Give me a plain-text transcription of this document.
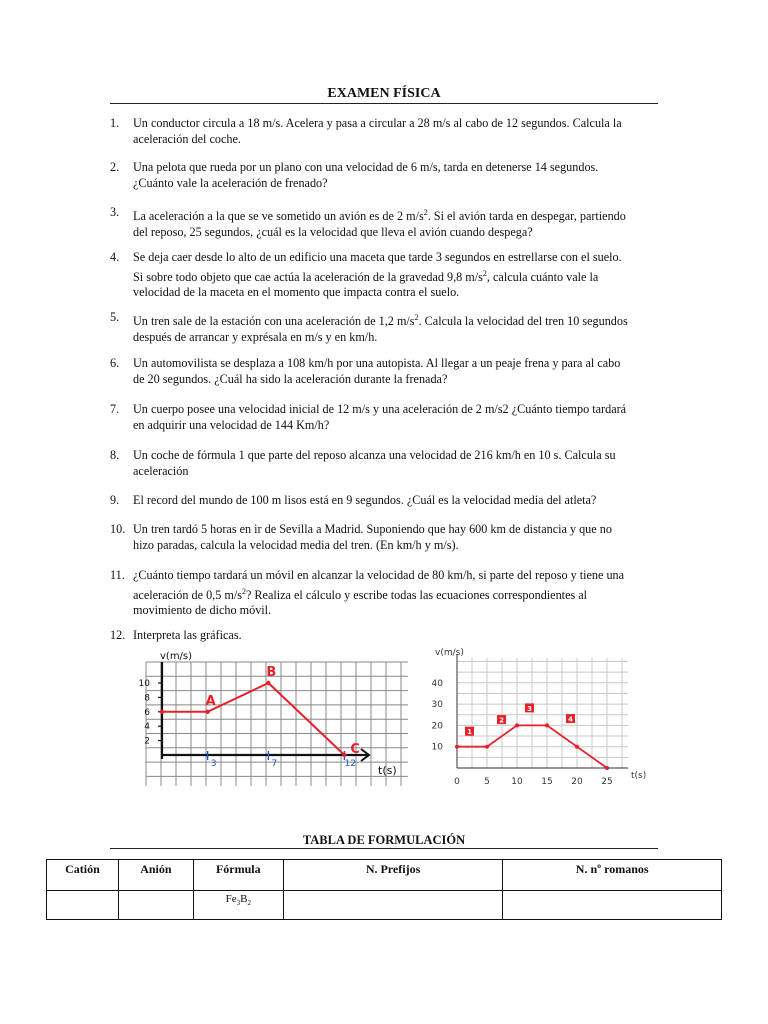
EXAMEN FÍSICA
1. Un conductor circula a 18 m/s. Acelera y pasa a circular a 28 m/s al cabo de 12 segundos. Calcula la
aceleración del coche.
2. Una pelota que rueda por un plano con una velocidad de 6 m/s, tarda en detenerse 14 segundos.
¿Cuánto vale la aceleración de frenado?
3. La aceleración a la que se ve sometido un avión es de 2 $m/s^2$. Si el avión tarda en despegar, partiendo
del reposo, 25 segundos, ¿cuál es la velocidad que lleva el avión cuando despega?
4. Se deja caer desde lo alto de un edificio una maceta que tarde 3 segundos en estrellarse con el suelo.
Si sobre todo objeto que cae actúa la aceleración de la gravedad 9,8 $m/s^2$, calcula cuánto vale la
velocidad de la maceta en el momento que impacta contra el suelo.
5. Un tren sale de la estación con una aceleración de 1,2 $m/s^2$. Calcula la velocidad del tren 10 segundos
después de arrancar y exprésala en m/s y en km/h.
6. Un automovilista se desplaza a 108 km/h por una autopista. Al llegar a un peaje frena y para al cabo
de 20 segundos. ¿Cuál ha sido la aceleración durante la frenada?
7. Un cuerpo posee una velocidad inicial de 12 m/s y una aceleración de 2 m/s2 ¿Cuánto tiempo tardará
en adquirir una velocidad de 144 Km/h?
8. Un coche de fórmula 1 que parte del reposo alcanza una velocidad de 216 km/h en 10 s. Calcula su
aceleración
9. El record del mundo de 100 m lisos está en 9 segundos. ¿Cuál es la velocidad media del atleta?
10. Un tren tardó 5 horas en ir de Sevilla a Madrid. Suponiendo que hay 600 km de distancia y que no
hizo paradas, calcula la velocidad media del tren. (En km/h y m/s).
11. ¿Cuánto tiempo tardará un móvil en alcanzar la velocidad de 80 km/h, si parte del reposo y tiene una
aceleración de 0,5 $m/s^2$? Realiza el cálculo y escribe todas las ecuaciones correspondientes al
movimiento de dicho móvil.
12. Interpreta las gráficas.
v(m/s)
t(s)
2
4
6
8
10
3	7	12
A
B
C
v(m/s)
t(s)
10
20
30
40
0	5 10 15 20 25
1
2
3
4
TABLA DE FORMULACIÓN
Catión	Anión	Fórmula	N. Prefijos	N. nº romanos
		$Fe_3B_2$		
